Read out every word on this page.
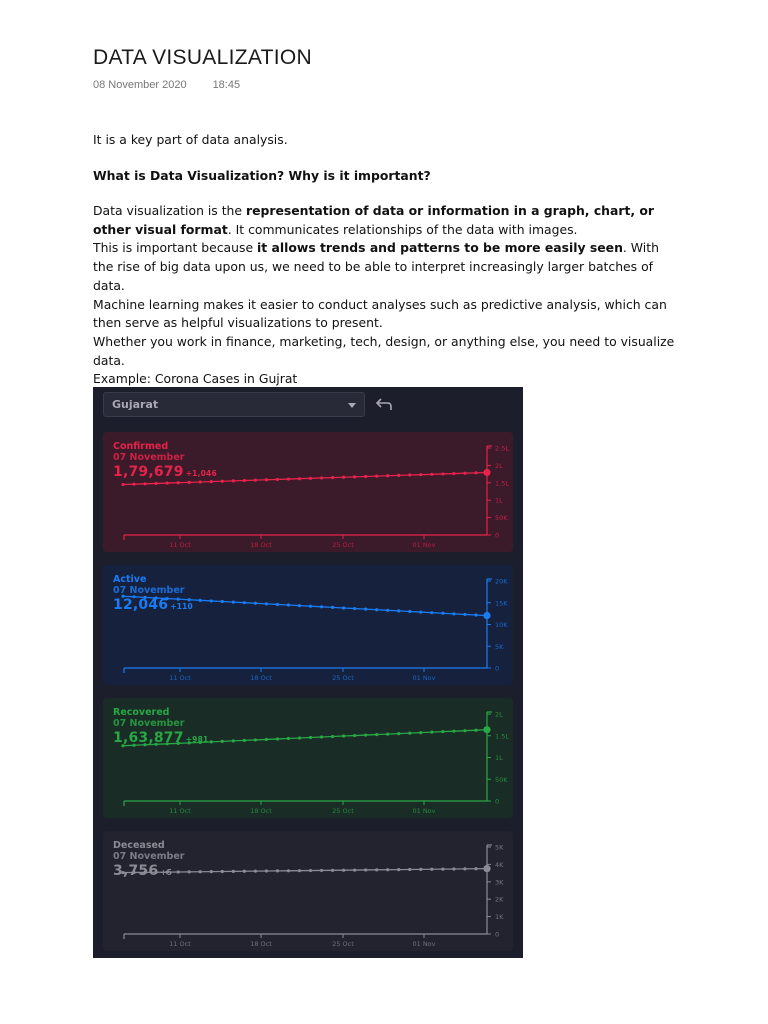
DATA VISUALIZATION
08 November 2020 18:45
It is a key part of data analysis.
What is Data Visualization? Why is it important?
Data visualization is the representation of data or information in a graph, chart, or other visual format. It communicates relationships of the data with images.
This is important because it allows trends and patterns to be more easily seen. With the rise of big data upon us, we need to be able to interpret increasingly larger batches of data.
Machine learning makes it easier to conduct analyses such as predictive analysis, which can then serve as helpful visualizations to present.
Whether you work in finance, marketing, tech, design, or anything else, you need to visualize data.
Example: Corona Cases in Gujrat
Gujarat
11 Oct	18 Oct	25 Oct	01 Nov
2.5L
2L
1.5L
1L
50K
0
Confirmed
07 November
1,79,679 +1,046
11 Oct	18 Oct	25 Oct	01 Nov
20K
15K
10K
5K
0
Active
07 November
12,046 +110
11 Oct	18 Oct	25 Oct	01 Nov
2L
1.5L
1L
50K
0
Recovered
07 November
1,63,877 +981
11 Oct	18 Oct	25 Oct	01 Nov
5K
4K
3K
2K
1K
0
Deceased
07 November
3,756 +5
